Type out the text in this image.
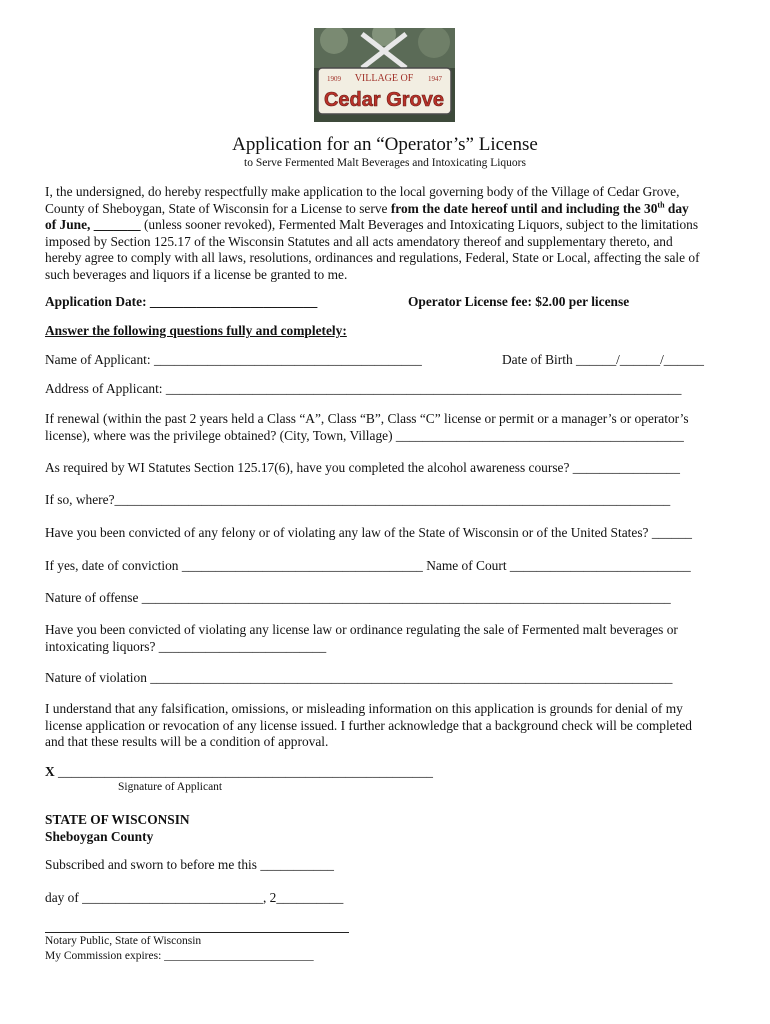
VILLAGE OF
1909	1947
Cedar Grove
Application for an “Operator’s” License
to Serve Fermented Malt Beverages and Intoxicating Liquors
I, the undersigned, do hereby respectfully make application to the local governing body of the Village of Cedar Grove,
County of Sheboygan, State of Wisconsin for a License to serve from the date hereof until and including the 30th day
of June, _______ (unless sooner revoked), Fermented Malt Beverages and Intoxicating Liquors, subject to the limitations
imposed by Section 125.17 of the Wisconsin Statutes and all acts amendatory thereof and supplementary thereto, and
hereby agree to comply with all laws, resolutions, ordinances and regulations, Federal, State or Local, affecting the sale of
such beverages and liquors if a license be granted to me.
Application Date: _________________________	Operator License fee: $2.00 per license
Answer the following questions fully and completely:
Name of Applicant: ________________________________________	Date of Birth ______/______/______
Address of Applicant: _____________________________________________________________________________
If renewal (within the past 2 years held a Class “A”, Class “B”, Class “C” license or permit or a manager’s or operator’s
license), where was the privilege obtained? (City, Town, Village) ___________________________________________
As required by WI Statutes Section 125.17(6), have you completed the alcohol awareness course? ________________
If so, where?___________________________________________________________________________________
Have you been convicted of any felony or of violating any law of the State of Wisconsin or of the United States? ______
If yes, date of conviction ____________________________________ Name of Court ___________________________
Nature of offense _______________________________________________________________________________
Have you been convicted of violating any license law or ordinance regulating the sale of Fermented malt beverages or
intoxicating liquors? _________________________
Nature of violation ______________________________________________________________________________
I understand that any falsification, omissions, or misleading information on this application is grounds for denial of my
license application or revocation of any license issued. I further acknowledge that a background check will be completed
and that these results will be a condition of approval.
X ________________________________________________________
Signature of Applicant
STATE OF WISCONSIN
Sheboygan County
Subscribed and sworn to before me this ___________
day of ___________________________, 2__________
Notary Public, State of Wisconsin
My Commission expires: __________________________
